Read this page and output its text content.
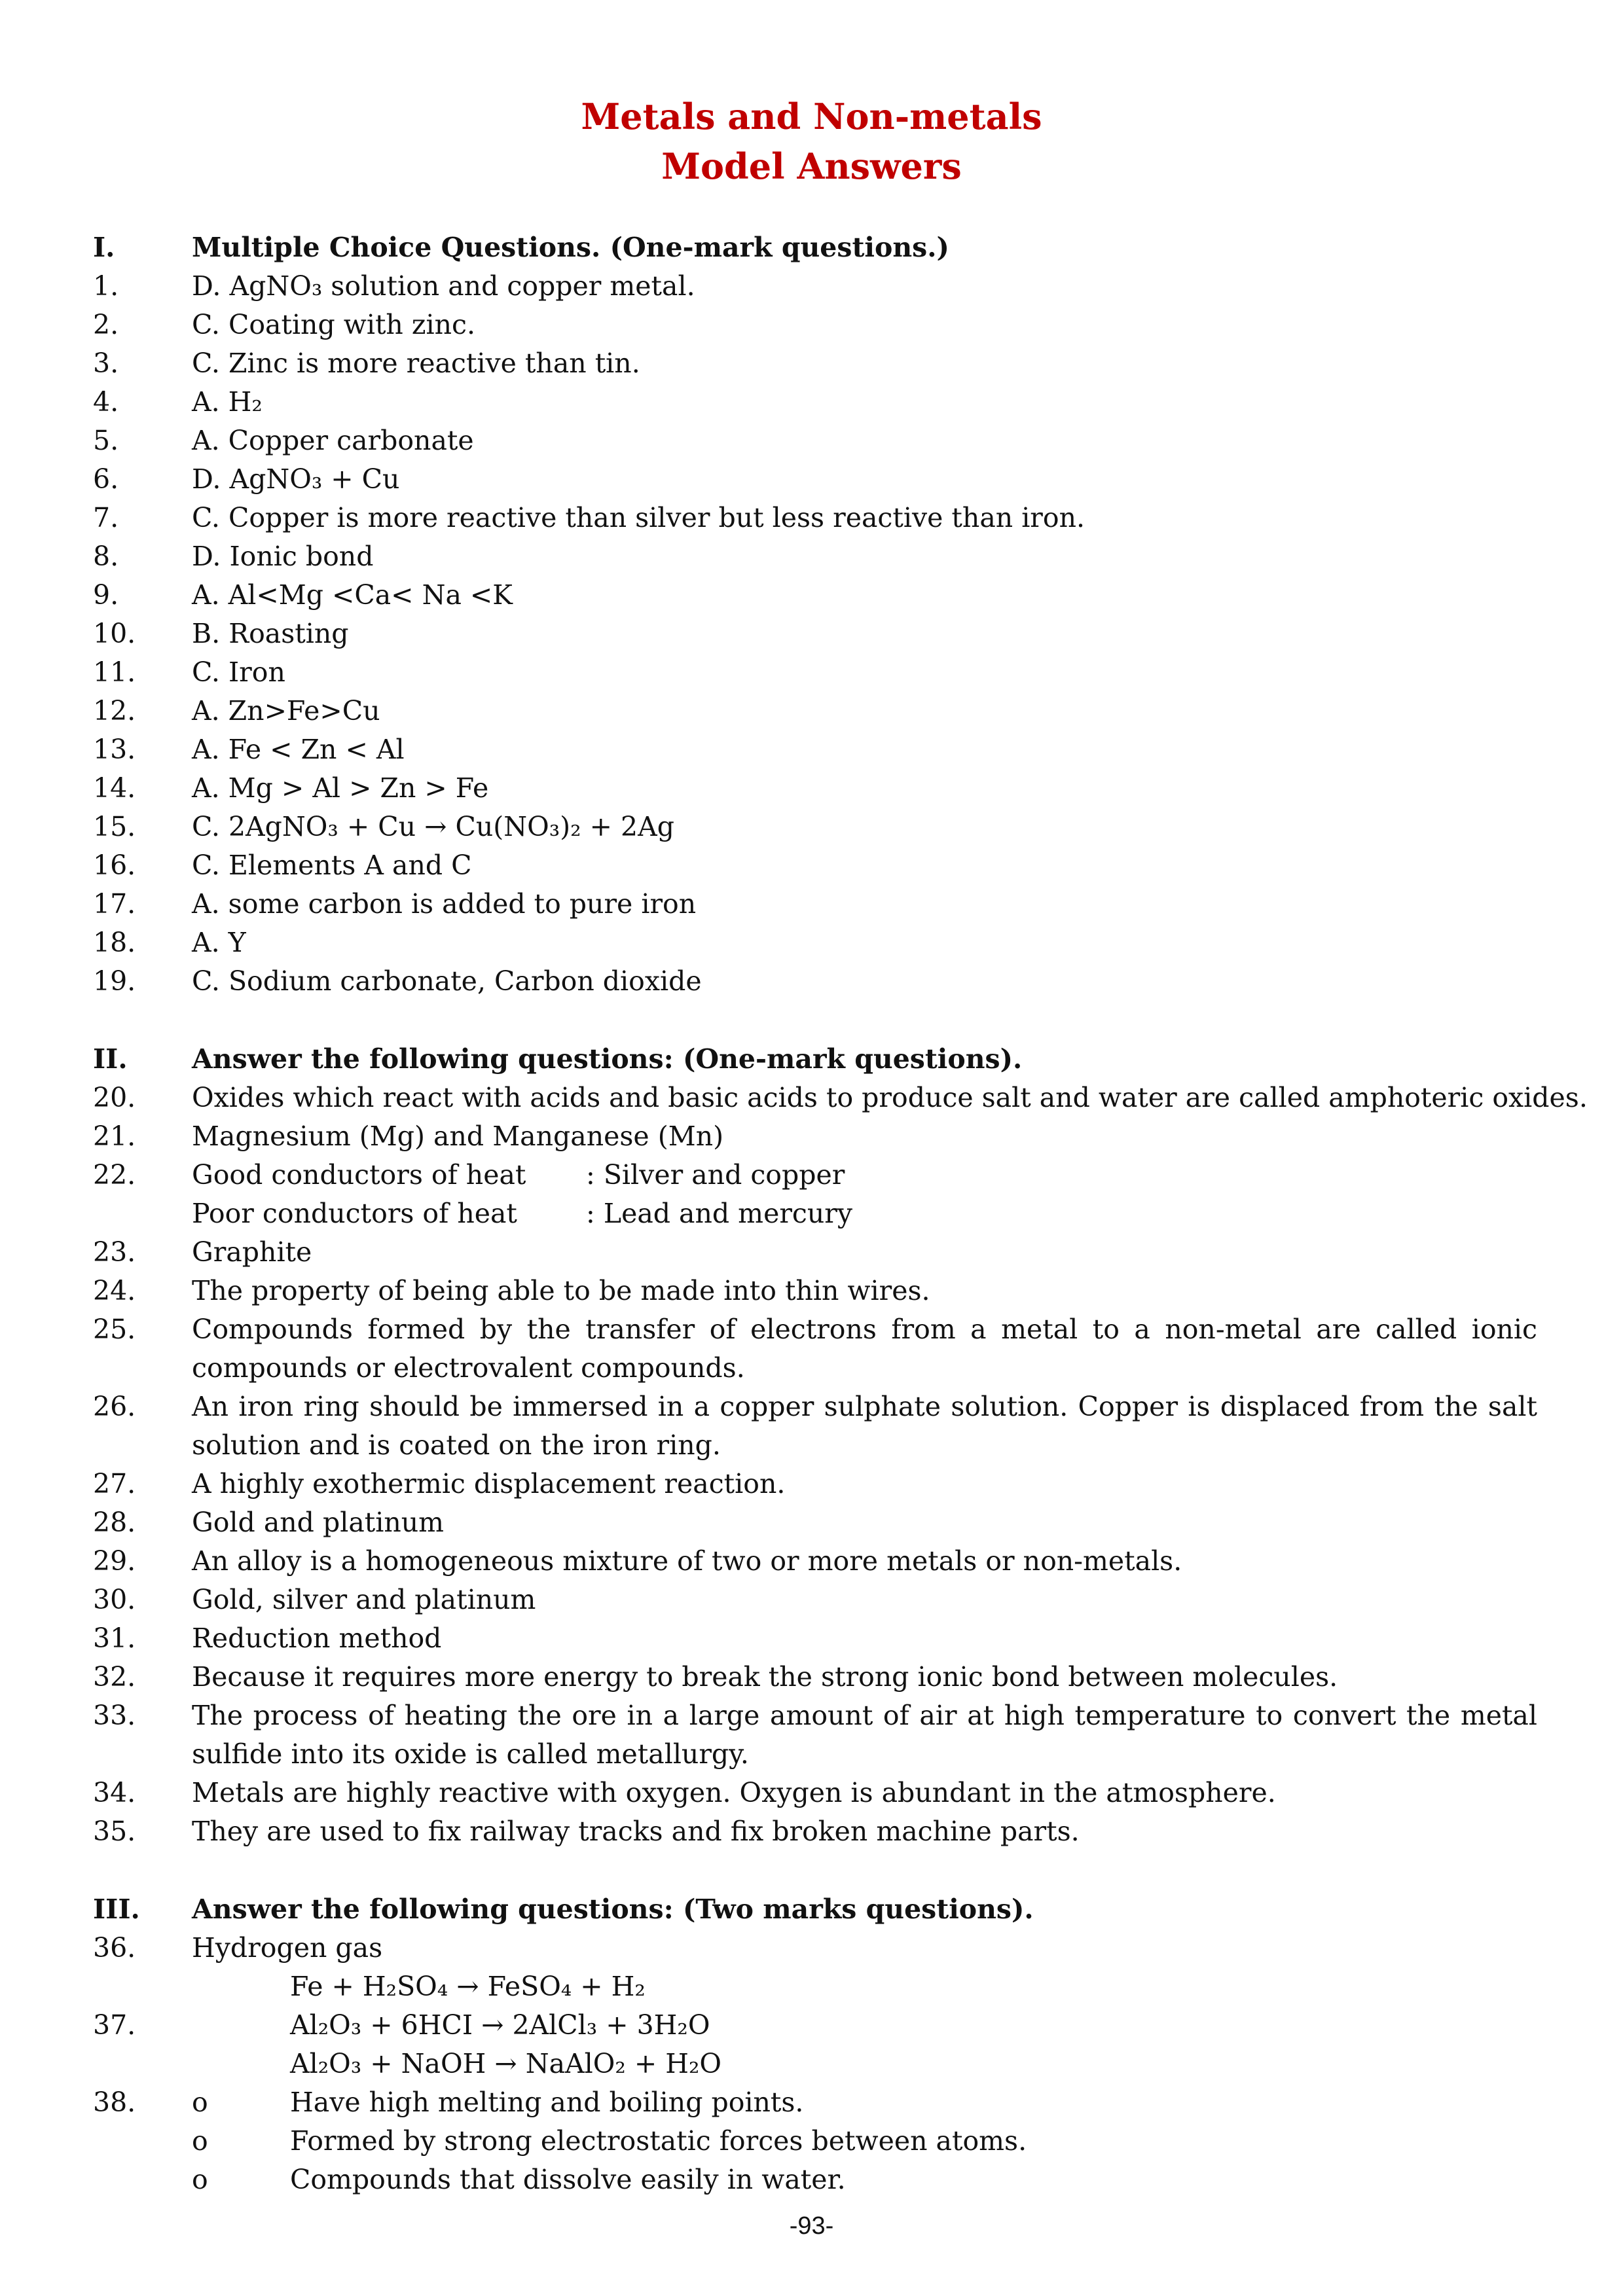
Metals and Non-metals
Model Answers
I.	Multiple Choice Questions. (One-mark questions.)
1.	D. AgNO₃ solution and copper metal.
2.	C. Coating with zinc.
3.	C. Zinc is more reactive than tin.
4.	A. H₂
5.	A. Copper carbonate
6.	D. AgNO₃ + Cu
7.	C. Copper is more reactive than silver but less reactive than iron.
8.	D. Ionic bond
9.	A. Al<Mg <Ca< Na <K
10. B. Roasting
11. C. Iron
12. A. Zn>Fe>Cu
13. A. Fe < Zn < Al
14. A. Mg > Al > Zn > Fe
15. C. 2AgNO₃ + Cu → Cu(NO₃)₂ + 2Ag
16. C. Elements A and C
17. A. some carbon is added to pure iron
18. A. Y
19. C. Sodium carbonate, Carbon dioxide
II. Answer the following questions: (One-mark questions).
20. Oxides which react with acids and basic acids to produce salt and water are called amphoteric oxides.
21. Magnesium (Mg) and Manganese (Mn)
22. Good conductors of heat : Silver and copper
Poor conductors of heat	: Lead and mercury
23. Graphite
24. The property of being able to be made into thin wires.
25. Compounds formed by the transfer of electrons from a metal to a non-metal are called ionic compounds or electrovalent compounds.
26. An iron ring should be immersed in a copper sulphate solution. Copper is displaced from the salt solution and is coated on the iron ring.
27. A highly exothermic displacement reaction.
28. Gold and platinum
29. An alloy is a homogeneous mixture of two or more metals or non-metals.
30. Gold, silver and platinum
31. Reduction method
32. Because it requires more energy to break the strong ionic bond between molecules.
33. The process of heating the ore in a large amount of air at high temperature to convert the metal sulfide into its oxide is called metallurgy.
34. Metals are highly reactive with oxygen. Oxygen is abundant in the atmosphere.
35. They are used to fix railway tracks and fix broken machine parts.
III. Answer the following questions: (Two marks questions).
36. Hydrogen gas
Fe + H₂SO₄ → FeSO₄ + H₂
37.	Al₂O₃ + 6HCI → 2AlCl₃ + 3H₂O
Al₂O₃ + NaOH → NaAlO₂ + H₂O
38. o	Have high melting and boiling points.
o	Formed by strong electrostatic forces between atoms.
o	Compounds that dissolve easily in water.
-93-
